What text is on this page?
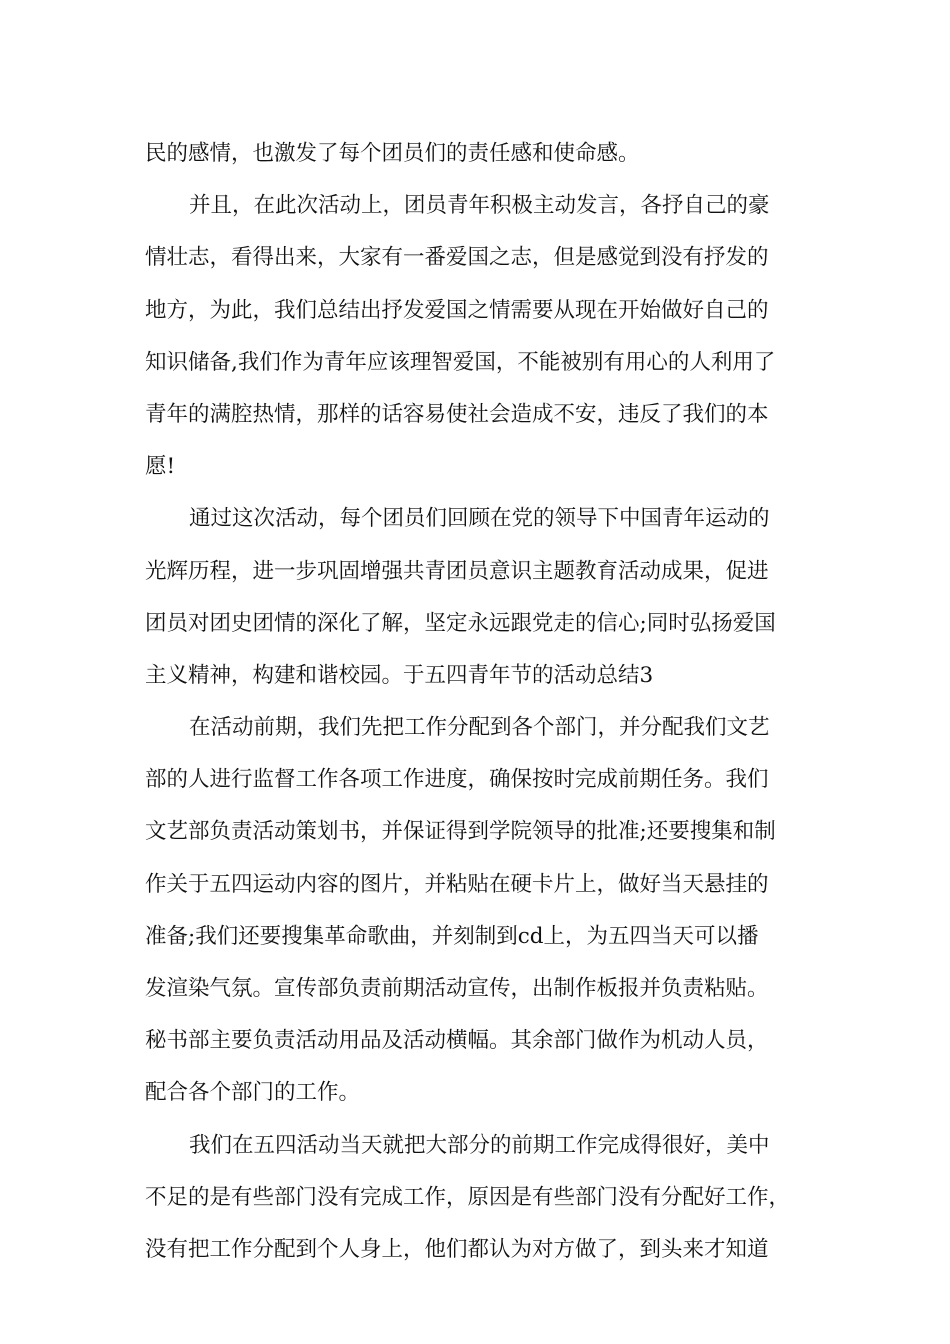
民的感情，也激发了每个团员们的责任感和使命感。
并且，在此次活动上，团员青年积极主动发言，各抒自己的豪
情壮志，看得出来，大家有一番爱国之志，但是感觉到没有抒发的
地方，为此，我们总结出抒发爱国之情需要从现在开始做好自己的
知识储备,我们作为青年应该理智爱国，不能被别有用心的人利用了
青年的满腔热情，那样的话容易使社会造成不安，违反了我们的本
愿!
通过这次活动，每个团员们回顾在党的领导下中国青年运动的
光辉历程，进一步巩固增强共青团员意识主题教育活动成果，促进
团员对团史团情的深化了解，坚定永远跟党走的信心;同时弘扬爱国
主义精神，构建和谐校园。于五四青年节的活动总结3
在活动前期，我们先把工作分配到各个部门，并分配我们文艺
部的人进行监督工作各项工作进度，确保按时完成前期任务。我们
文艺部负责活动策划书，并保证得到学院领导的批准;还要搜集和制
作关于五四运动内容的图片，并粘贴在硬卡片上，做好当天悬挂的
准备;我们还要搜集革命歌曲，并刻制到cd上，为五四当天可以播
发渲染气氛。宣传部负责前期活动宣传，出制作板报并负责粘贴。
秘书部主要负责活动用品及活动横幅。其余部门做作为机动人员，
配合各个部门的工作。
我们在五四活动当天就把大部分的前期工作完成得很好，美中
不足的是有些部门没有完成工作，原因是有些部门没有分配好工作，
没有把工作分配到个人身上，他们都认为对方做了，到头来才知道
